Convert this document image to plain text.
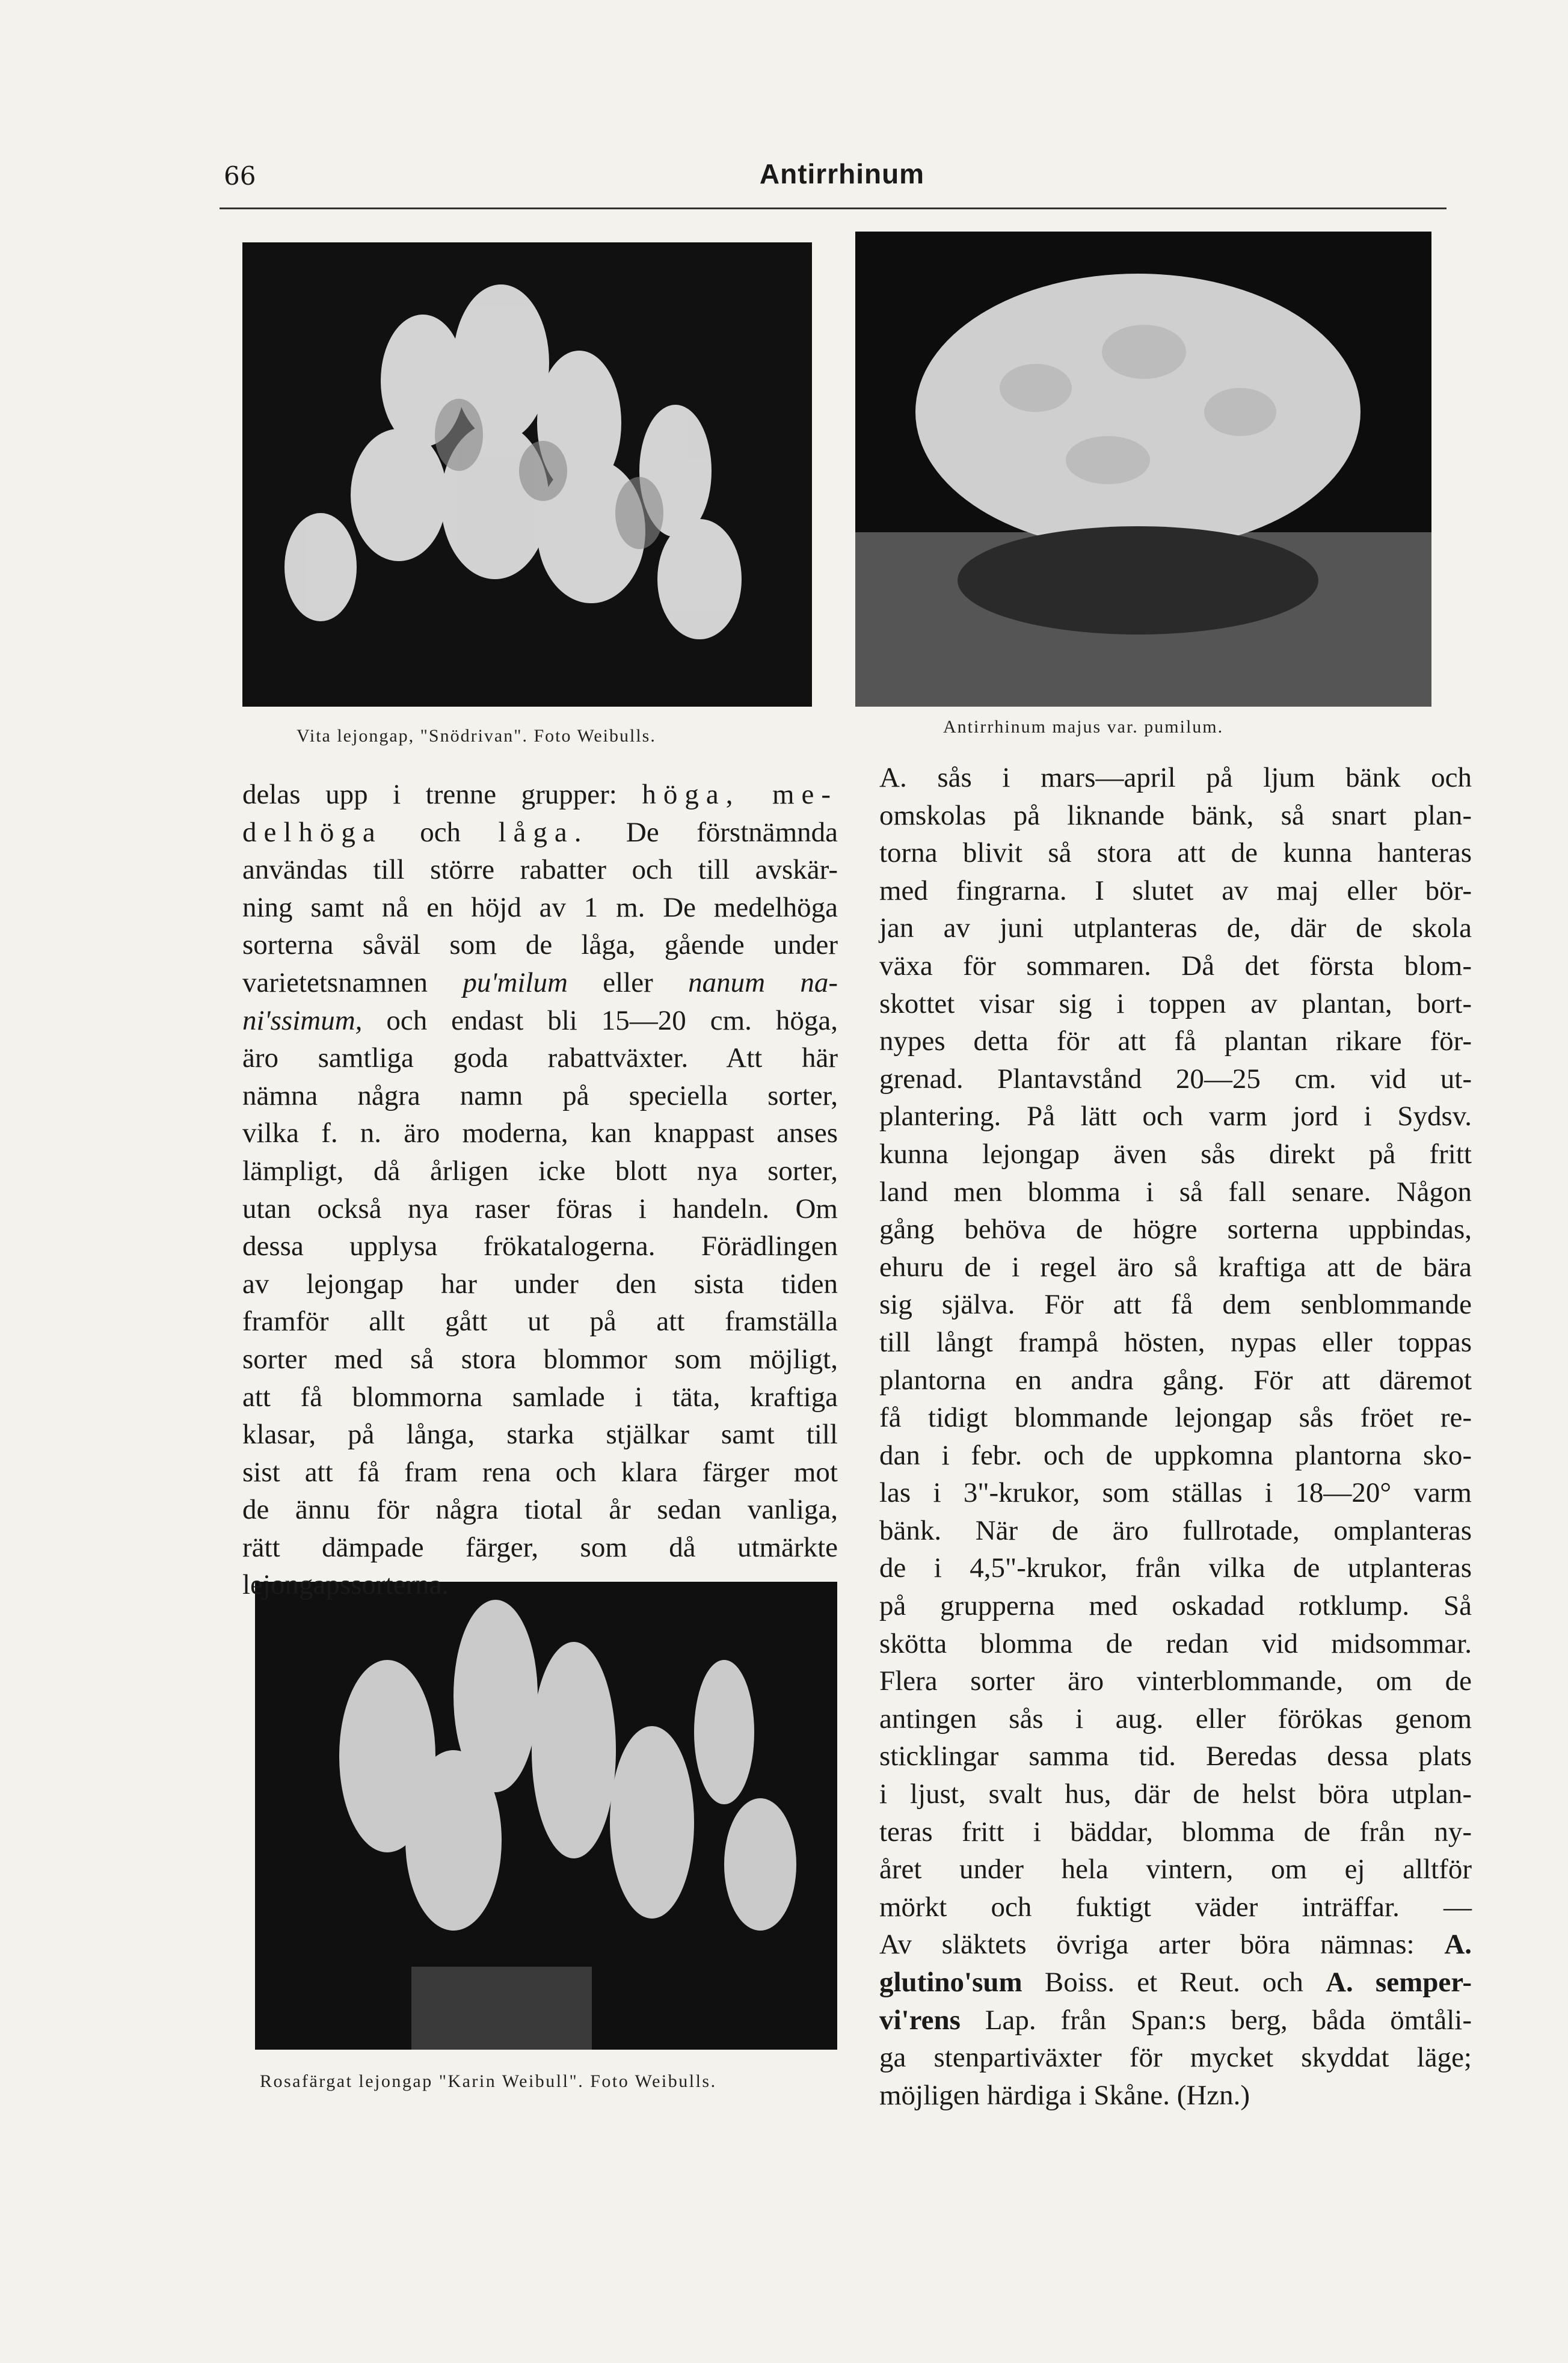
66	Antirrhinum
Vita lejongap, "Snödrivan". Foto Weibulls.	Antirrhinum majus var. pumilum.
Rosafärgat lejongap "Karin Weibull". Foto Weibulls.
delas upp i trenne grupper: höga, me-
delhöga och låga. De förstnämnda
användas till större rabatter och till avskär-
ning samt nå en höjd av 1 m. De medelhöga
sorterna såväl som de låga, gående under
varietetsnamnen pu'milum eller nanum na-
ni'ssimum, och endast bli 15—20 cm. höga,
äro samtliga goda rabattväxter. Att här
nämna några namn på speciella sorter,
vilka f. n. äro moderna, kan knappast anses
lämpligt, då årligen icke blott nya sorter,
utan också nya raser föras i handeln. Om
dessa upplysa frökatalogerna. Förädlingen
av lejongap har under den sista tiden
framför allt gått ut på att framställa
sorter med så stora blommor som möjligt,
att få blommorna samlade i täta, kraftiga
klasar, på långa, starka stjälkar samt till
sist att få fram rena och klara färger mot
de ännu för några tiotal år sedan vanliga,
rätt dämpade färger, som då utmärkte
lejongapssorterna.
A. sås i mars—april på ljum bänk och
omskolas på liknande bänk, så snart plan-
torna blivit så stora att de kunna hanteras
med fingrarna. I slutet av maj eller bör-
jan av juni utplanteras de, där de skola
växa för sommaren. Då det första blom-
skottet visar sig i toppen av plantan, bort-
nypes detta för att få plantan rikare för-
grenad. Plantavstånd 20—25 cm. vid ut-
plantering. På lätt och varm jord i Sydsv.
kunna lejongap även sås direkt på fritt
land men blomma i så fall senare. Någon
gång behöva de högre sorterna uppbindas,
ehuru de i regel äro så kraftiga att de bära
sig själva. För att få dem senblommande
till långt frampå hösten, nypas eller toppas
plantorna en andra gång. För att däremot
få tidigt blommande lejongap sås fröet re-
dan i febr. och de uppkomna plantorna sko-
las i 3"-krukor, som ställas i 18—20° varm
bänk. När de äro fullrotade, omplanteras
de i 4,5"-krukor, från vilka de utplanteras
på grupperna med oskadad rotklump. Så
skötta blomma de redan vid midsommar.
Flera sorter äro vinterblommande, om de
antingen sås i aug. eller förökas genom
sticklingar samma tid. Beredas dessa plats
i ljust, svalt hus, där de helst böra utplan-
teras fritt i bäddar, blomma de från ny-
året under hela vintern, om ej alltför
mörkt och fuktigt väder inträffar. —
Av släktets övriga arter böra nämnas: A.
glutino'sum Boiss. et Reut. och A. semper-
vi'rens Lap. från Span:s berg, båda ömtåli-
ga stenpartiväxter för mycket skyddat läge;
möjligen härdiga i Skåne. (Hzn.)
